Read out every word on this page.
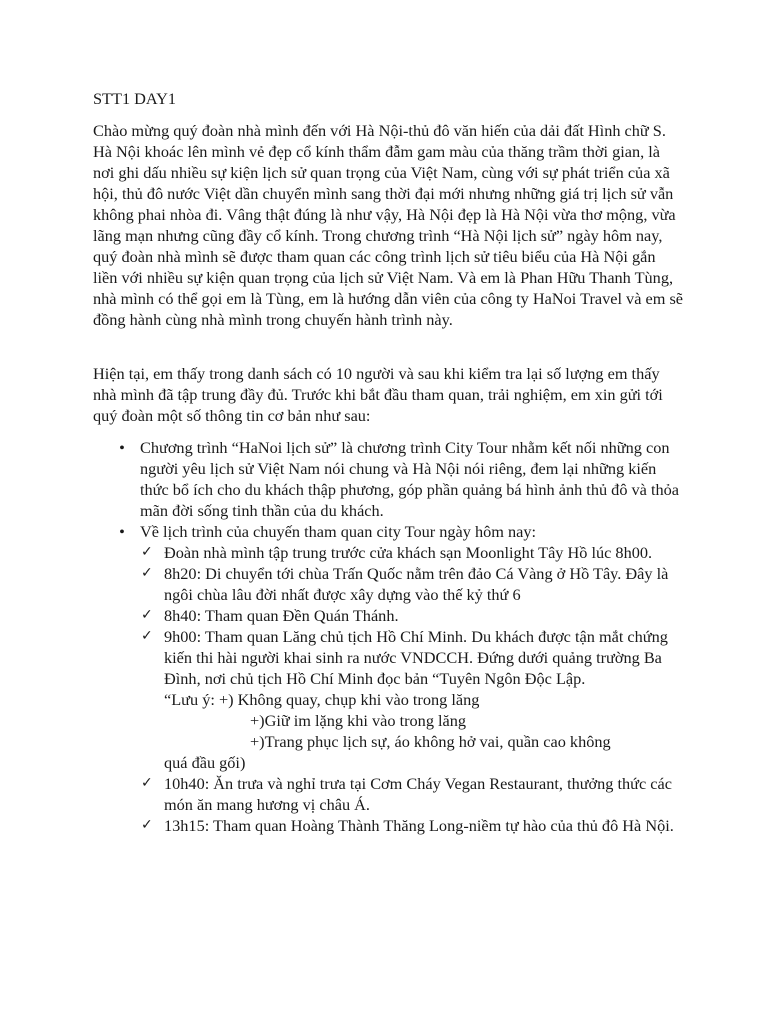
STT1 DAY1

Chào mừng quý đoàn nhà mình đến với Hà Nội-thủ đô văn hiến của dải đất Hình chữ S. Hà Nội khoác lên mình vẻ đẹp cổ kính thẩm đẫm gam màu của thăng trầm thời gian, là nơi ghi dấu nhiều sự kiện lịch sử quan trọng của Việt Nam, cùng với sự phát triển của xã hội, thủ đô nước Việt dần chuyển mình sang thời đại mới nhưng những giá trị lịch sử vẫn không phai nhòa đi. Vâng thật đúng là như vậy, Hà Nội đẹp là Hà Nội vừa thơ mộng, vừa lãng mạn nhưng cũng đầy cổ kính. Trong chương trình “Hà Nội lịch sử” ngày hôm nay, quý đoàn nhà mình sẽ được tham quan các công trình lịch sử tiêu biểu của Hà Nội gắn liền với nhiều sự kiện quan trọng của lịch sử Việt Nam. Và em là Phan Hữu Thanh Tùng, nhà mình có thể gọi em là Tùng, em là hướng dẫn viên của công ty HaNoi Travel và em sẽ đồng hành cùng nhà mình trong chuyến hành trình này.

Hiện tại, em thấy trong danh sách có 10 người và sau khi kiểm tra lại số lượng em thấy nhà mình đã tập trung đầy đủ. Trước khi bắt đầu tham quan, trải nghiệm, em xin gửi tới quý đoàn một số thông tin cơ bản như sau:

• Chương trình “HaNoi lịch sử” là chương trình City Tour nhằm kết nối những con người yêu lịch sử Việt Nam nói chung và Hà Nội nói riêng, đem lại những kiến thức bổ ích cho du khách thập phương, góp phần quảng bá hình ảnh thủ đô và thỏa mãn đời sống tinh thần của du khách.
• Về lịch trình của chuyến tham quan city Tour ngày hôm nay:
✓ Đoàn nhà mình tập trung trước cửa khách sạn Moonlight Tây Hồ lúc 8h00.
✓ 8h20: Di chuyển tới chùa Trấn Quốc nằm trên đảo Cá Vàng ở Hồ Tây. Đây là ngôi chùa lâu đời nhất được xây dựng vào thế kỷ thứ 6
✓ 8h40: Tham quan Đền Quán Thánh.
✓ 9h00: Tham quan Lăng chủ tịch Hồ Chí Minh. Du khách được tận mắt chứng kiến thi hài người khai sinh ra nước VNDCCH. Đứng dưới quảng trường Ba Đình, nơi chủ tịch Hồ Chí Minh đọc bản “Tuyên Ngôn Độc Lập.
“Lưu ý: +) Không quay, chụp khi vào trong lăng
+)Giữ im lặng khi vào trong lăng
+)Trang phục lịch sự, áo không hở vai, quần cao không
quá đầu gối)
✓ 10h40: Ăn trưa và nghỉ trưa tại Cơm Cháy Vegan Restaurant, thưởng thức các món ăn mang hương vị châu Á.
✓ 13h15: Tham quan Hoàng Thành Thăng Long-niềm tự hào của thủ đô Hà Nội.
